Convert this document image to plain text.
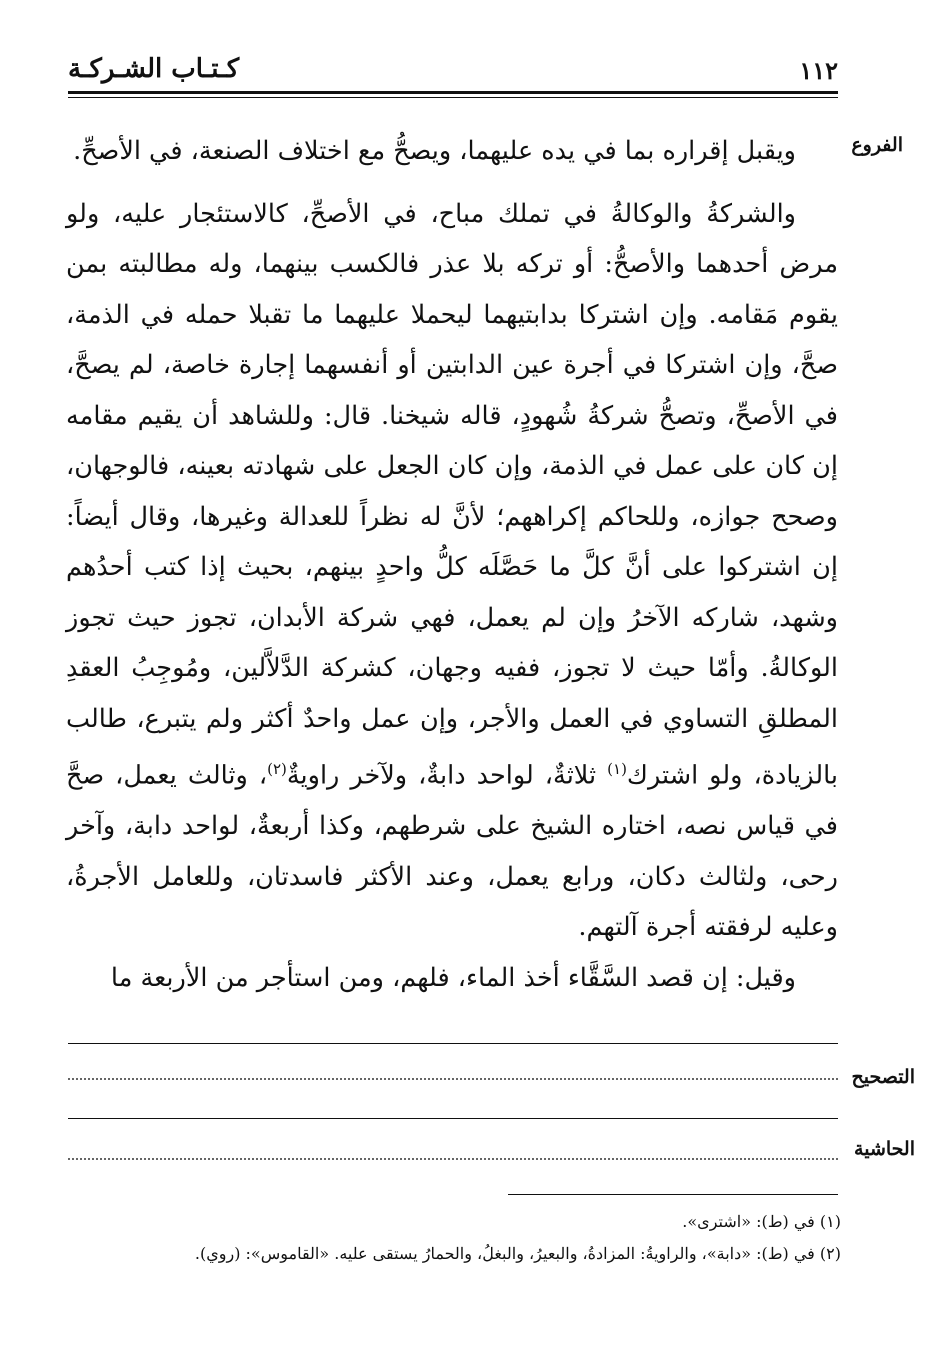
١١٢
كـتـاب الشـركـة
الفروع

ويقبل إقراره بما في يده عليهما، ويصحُّ مع اختلاف الصنعة، في الأصحِّ.

والشركةُ والوكالةُ في تملك مباح، في الأصحِّ، كالاستئجار عليه، ولو مرض أحدهما والأصحُّ: أو تركه بلا عذر فالكسب بينهما، وله مطالبته بمن يقوم مَقامه. وإن اشتركا بدابتيهما ليحملا عليهما ما تقبلا حمله في الذمة، صحَّ، وإن اشتركا في أجرة عين الدابتين أو أنفسهما إجارة خاصة، لم يصحَّ، في الأصحِّ، وتصحُّ شركةُ شُهودٍ، قاله شيخنا. قال: وللشاهد أن يقيم مقامه إن كان على عمل في الذمة، وإن كان الجعل على شهادته بعينه، فالوجهان، وصحح جوازه، وللحاكم إكراههم؛ لأنَّ له نظراً للعدالة وغيرها، وقال أيضاً: إن اشتركوا على أنَّ كلَّ ما حَصَّلَه كلُّ واحدٍ بينهم، بحيث إذا كتب أحدُهم وشهد، شاركه الآخرُ وإن لم يعمل، فهي شركة الأبدان، تجوز حيث تجوز الوكالةُ. وأمّا حيث لا تجوز، ففيه وجهان، كشركة الدَّلاَّلين، ومُوجِبُ العقدِ المطلقِ التساوي في العمل والأجر، وإن عمل واحدٌ أكثر ولم يتبرع، طالب بالزيادة، ولو اشترك$^{(١)}$ ثلاثةٌ، لواحد دابةٌ، ولآخر راويةٌ$^{(٢)}$، وثالث يعمل، صحَّ في قياس نصه، اختاره الشيخ على شرطهم، وكذا أربعةٌ، لواحد دابة، وآخر رحى، ولثالث دكان، ورابع يعمل، وعند الأكثر فاسدتان، وللعامل الأجرةُ، وعليه لرفقته أجرة آلتهم.

وقيل: إن قصد السَّقَّاء أخذ الماء، فلهم، ومن استأجر من الأربعة ما

التصحيح
الحاشية
(١) في (ط): «اشترى».
(٢) في (ط): «دابة»، والراويةُ: المزادةُ، والبعيرُ، والبغلُ، والحمارُ يستقى عليه. «القاموس»: (روي).
